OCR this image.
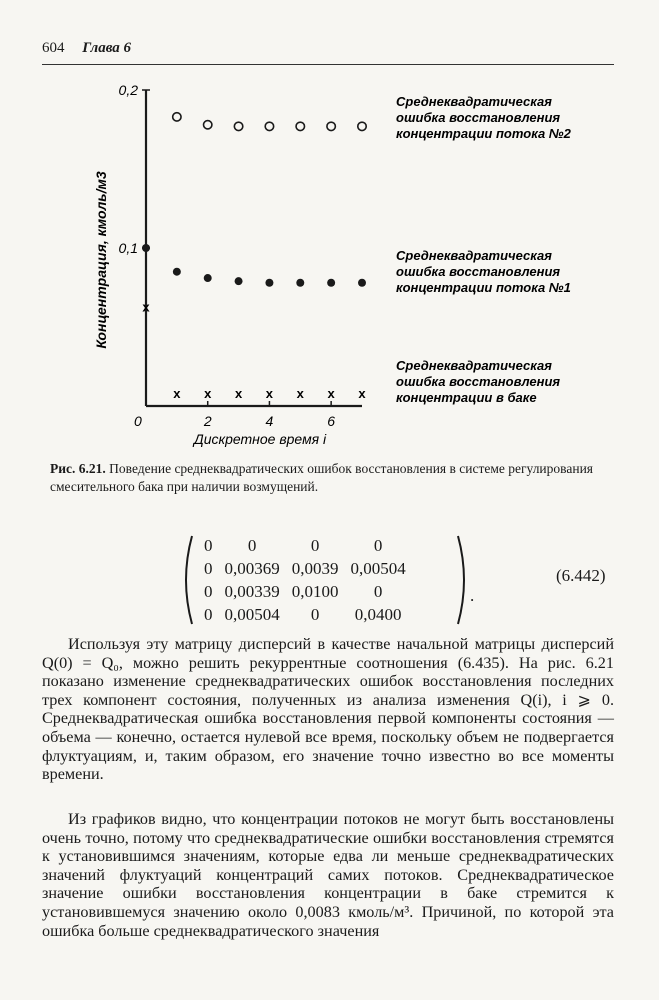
604 Глава 6
Концентрация, кмоль/м3
Дискретное время i
0	2	4	6
0,1
0,2
x
x x x x x x x
Среднеквадратическая
ошибка восстановления
концентрации потока №2
Среднеквадратическая
ошибка восстановления
концентрации потока №1
Среднеквадратическая
ошибка восстановления
концентрации в баке
Рис. 6.21. Поведение среднеквадратических ошибок восстановления в системе регулирования смесительного бака при наличии возмущений.
0	0	0	0
0	0,00369	0,0039	0,00504
0	0,00339	0,0100	0
0	0,00504	0	0,0400
.
(6.442)

Используя эту матрицу дисперсий в качестве начальной матрицы дисперсий Q(0) = Q₀, можно решить рекуррентные соотношения (6.435). На рис. 6.21 показано изменение среднеквадратических ошибок восстановления последних трех компонент состояния, полученных из анализа изменения Q(i), i ⩾ 0. Среднеквадратическая ошибка восстановления первой компоненты состояния — объема — конечно, остается нулевой все время, поскольку объем не подвергается флуктуациям, и, таким образом, его значение точно известно во все моменты времени.

Из графиков видно, что концентрации потоков не могут быть восстановлены очень точно, потому что среднеквадратические ошибки восстановления стремятся к установившимся значениям, которые едва ли меньше среднеквадратических значений флуктуаций концентраций самих потоков. Среднеквадратическое значение ошибки восстановления концентрации в баке стремится к установившемуся значению около 0,0083 кмоль/м³. Причиной, по которой эта ошибка больше среднеквадратического значения
